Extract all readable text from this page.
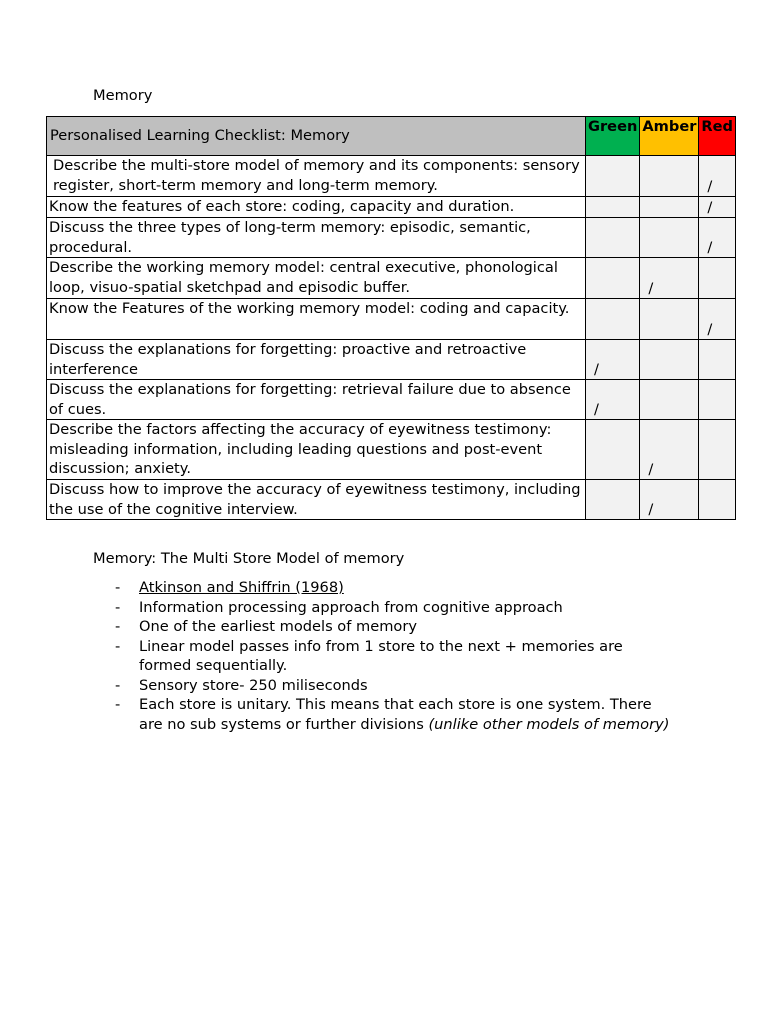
Memory
Personalised Learning Checklist: Memory	Green	Amber	Red
Describe the multi-store model of memory and its components: sensory register, short-term memory and long-term memory.			/
Know the features of each store: coding, capacity and duration.			/
Discuss the three types of long-term memory: episodic, semantic, procedural.			/
Describe the working memory model: central executive, phonological loop, visuo-spatial sketchpad and episodic buffer.		/	
Know the Features of the working memory model: coding and capacity.			/
Discuss the explanations for forgetting: proactive and retroactive interference	/		
Discuss the explanations for forgetting: retrieval failure due to absence of cues.	/		
Describe the factors affecting the accuracy of eyewitness testimony: misleading information, including leading questions and post-event discussion; anxiety.		/	
Discuss how to improve the accuracy of eyewitness testimony, including the use of the cognitive interview.		/	
Memory: The Multi Store Model of memory
- Atkinson and Shiffrin (1968)
- Information processing approach from cognitive approach
- One of the earliest models of memory
- Linear model passes info from 1 store to the next + memories are formed sequentially.
- Sensory store- 250 miliseconds
- Each store is unitary. This means that each store is one system. There are no sub systems or further divisions (unlike other models of memory)
